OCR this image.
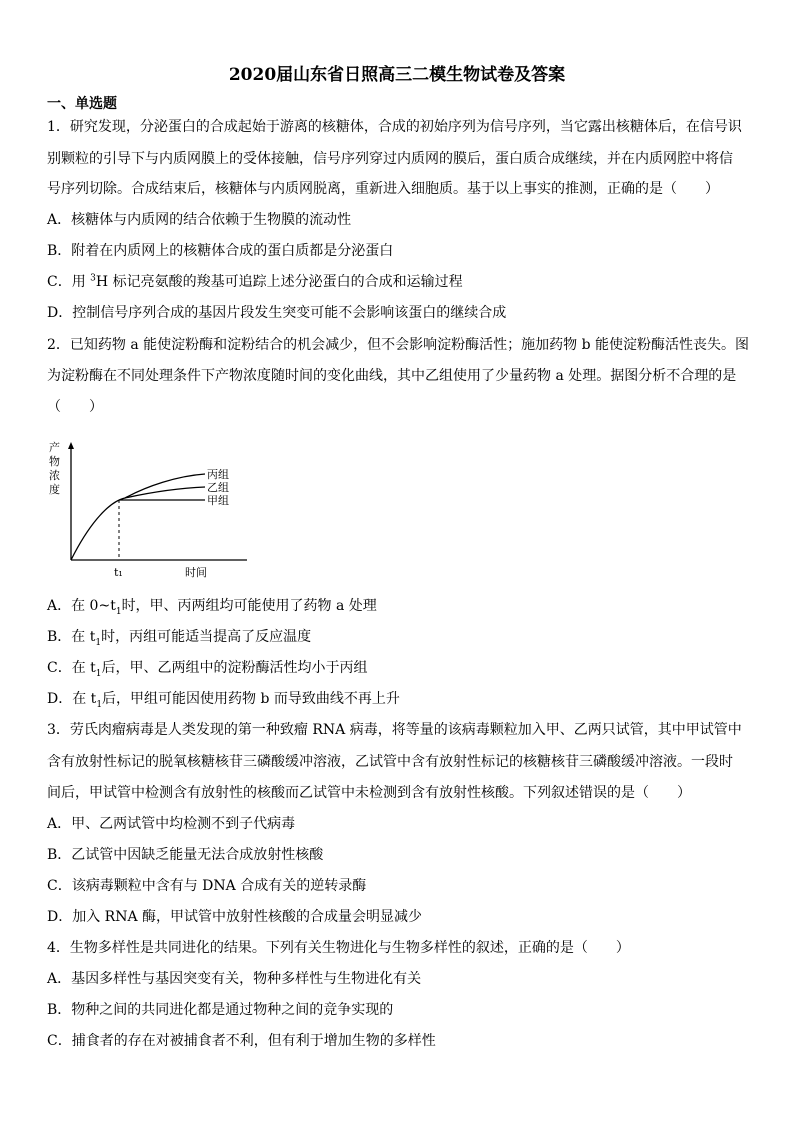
2020届山东省日照高三二模生物试卷及答案
一、单选题
1．研究发现，分泌蛋白的合成起始于游离的核糖体，合成的初始序列为信号序列，当它露出核糖体后，在信号识
别颗粒的引导下与内质网膜上的受体接触，信号序列穿过内质网的膜后，蛋白质合成继续，并在内质网腔中将信
号序列切除。合成结束后，核糖体与内质网脱离，重新进入细胞质。基于以上事实的推测，正确的是（　　）
A．核糖体与内质网的结合依赖于生物膜的流动性
B．附着在内质网上的核糖体合成的蛋白质都是分泌蛋白
C．用 $^3$H 标记亮氨酸的羧基可追踪上述分泌蛋白的合成和运输过程
D．控制信号序列合成的基因片段发生突变可能不会影响该蛋白的继续合成
2．已知药物 a 能使淀粉酶和淀粉结合的机会减少，但不会影响淀粉酶活性；施加药物 b 能使淀粉酶活性丧失。图
为淀粉酶在不同处理条件下产物浓度随时间的变化曲线，其中乙组使用了少量药物 a 处理。据图分析不合理的是
（　　）
产
物
浓
度
丙组
乙组
甲组
t₁	时间
A．在 $0\sim t_1$时，甲、丙两组均可能使用了药物 a 处理
B．在 $t_1$时，丙组可能适当提高了反应温度
C．在 $t_1$后，甲、乙两组中的淀粉酶活性均小于丙组
D．在 $t_1$后，甲组可能因使用药物 b 而导致曲线不再上升
3．劳氏肉瘤病毒是人类发现的第一种致瘤 RNA 病毒，将等量的该病毒颗粒加入甲、乙两只试管，其中甲试管中
含有放射性标记的脱氧核糖核苷三磷酸缓冲溶液，乙试管中含有放射性标记的核糖核苷三磷酸缓冲溶液。一段时
间后，甲试管中检测含有放射性的核酸而乙试管中未检测到含有放射性核酸。下列叙述错误的是（　　）
A．甲、乙两试管中均检测不到子代病毒
B．乙试管中因缺乏能量无法合成放射性核酸
C．该病毒颗粒中含有与 DNA 合成有关的逆转录酶
D．加入 RNA 酶，甲试管中放射性核酸的合成量会明显减少
4．生物多样性是共同进化的结果。下列有关生物进化与生物多样性的叙述，正确的是（　　）
A．基因多样性与基因突变有关，物种多样性与生物进化有关
B．物种之间的共同进化都是通过物种之间的竞争实现的
C．捕食者的存在对被捕食者不利，但有利于增加生物的多样性
